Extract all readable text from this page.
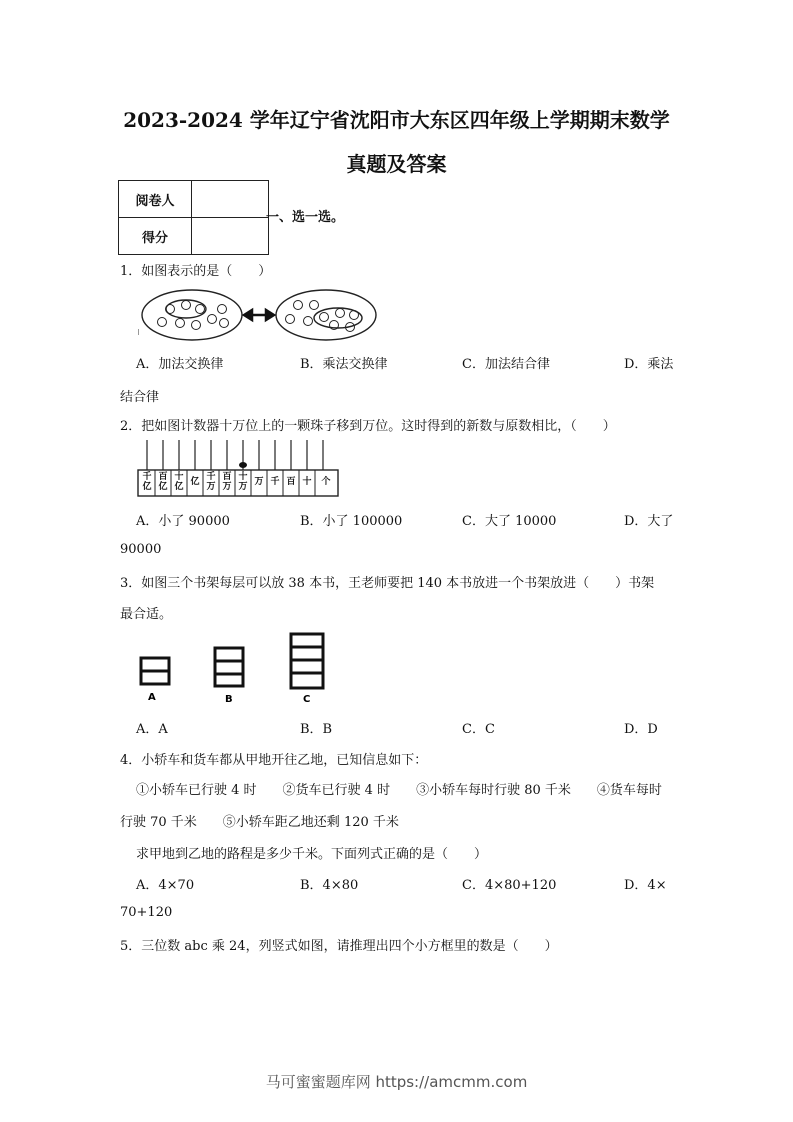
2023-2024 学年辽宁省沈阳市大东区四年级上学期期末数学
真题及答案
阅卷人	
得分	
一、选一选。
1．如图表示的是（　　）
A．加法交换律	B．乘法交换律	C．加法结合律	D．乘法
结合律
2．把如图计数器十万位上的一颗珠子移到万位。这时得到的新数与原数相比，（　　）
千亿
百亿
十亿 亿 千万
百万
十万 万 千 百 十 个
A．小了 90000	B．小了 100000	C．大了 10000	D．大了
90000
3．如图三个书架每层可以放 38 本书，王老师要把 140 本书放进一个书架放进（　　）书架
最合适。
A	B	C
A．A	B．B	C．C	D．D
4．小轿车和货车都从甲地开往乙地，已知信息如下：
①小轿车已行驶 4 时　　②货车已行驶 4 时　　③小轿车每时行驶 80 千米　　④货车每时
行驶 70 千米　　⑤小轿车距乙地还剩 120 千米
求甲地到乙地的路程是多少千米。下面列式正确的是（　　）
A．4×70	B．4×80	C．4×80+120	D．4×
70+120
5．三位数 abc 乘 24，列竖式如图，请推理出四个小方框里的数是（　　）
马可蜜蜜题库网 https://amcmm.com
